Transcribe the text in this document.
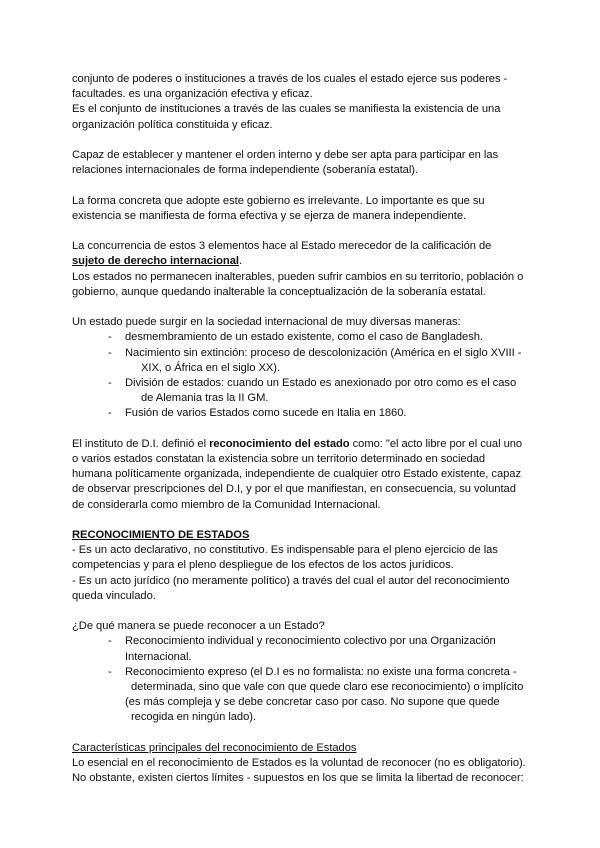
conjunto de poderes o instituciones a través de los cuales el estado ejerce sus poderes -
facultades. es una organización efectiva y eficaz.
Es el conjunto de instituciones a través de las cuales se manifiesta la existencia de una
organización política constituida y eficaz.

Capaz de establecer y mantener el orden interno y debe ser apta para participar en las
relaciones internacionales de forma independiente (soberanía estatal).

La forma concreta que adopte este gobierno es irrelevante. Lo importante es que su
existencia se manifiesta de forma efectiva y se ejerza de manera independiente.

La concurrencia de estos 3 elementos hace al Estado merecedor de la calificación de
sujeto de derecho internacional.
Los estados no permanecen inalterables, pueden sufrir cambios en su territorio, población o
gobierno, aunque quedando inalterable la conceptualización de la soberanía estatal.

Un estado puede surgir en la sociedad internacional de muy diversas maneras:

- desmembramiento de un estado existente, como el caso de Bangladesh.
- Nacimiento sin extinción: proceso de descolonización (América en el siglo XVIII -
XIX, o África en el siglo XX).
- División de estados: cuando un Estado es anexionado por otro como es el caso
de Alemania tras la II GM.
- Fusión de varios Estados como sucede en Italia en 1860.

El instituto de D.I. definió el reconocimiento del estado como: "el acto libre por el cual uno
o varios estados constatan la existencia sobre un territorio determinado en sociedad
humana políticamente organizada, independiente de cualquier otro Estado existente, capaz
de observar prescripciones del D.I, y por el que manifiestan, en consecuencia, su voluntad
de considerarla como miembro de la Comunidad Internacional.

RECONOCIMIENTO DE ESTADOS

- Es un acto declarativo, no constitutivo. Es indispensable para el pleno ejercicio de las
competencias y para el pleno despliegue de los efectos de los actos jurídicos.
- Es un acto jurídico (no meramente político) a través del cual el autor del reconocimiento
queda vinculado.

¿De qué manera se puede reconocer a un Estado?

- Reconocimiento individual y reconocimiento colectivo por una Organización
Internacional.
- Reconocimiento expreso (el D.I es no formalista: no existe una forma concreta -
determinada, sino que vale con que quede claro ese reconocimiento) o implícito
(es más compleja y se debe concretar caso por caso. No supone que quede
recogida en ningún lado).

Características principales del reconocimiento de Estados

Lo esencial en el reconocimiento de Estados es la voluntad de reconocer (no es obligatorio).
No obstante, existen ciertos límites - supuestos en los que se limita la libertad de reconocer:
